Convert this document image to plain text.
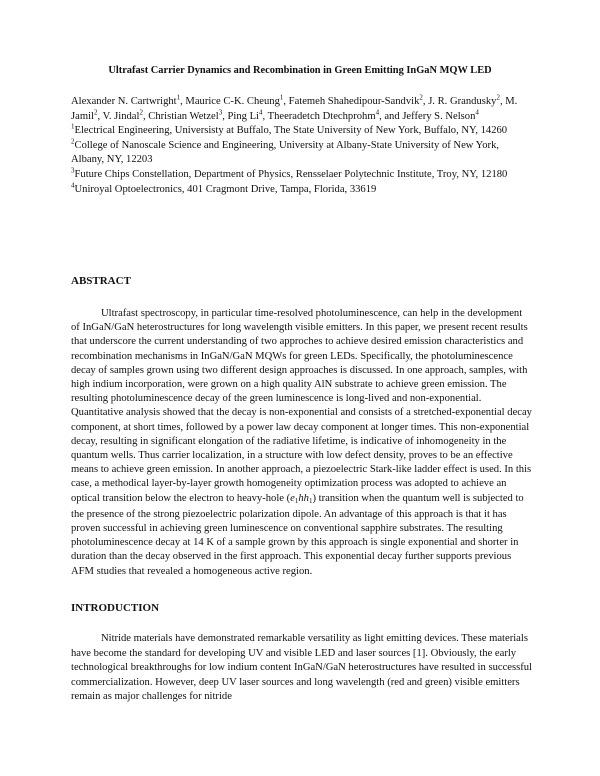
Ultrafast Carrier Dynamics and Recombination in Green Emitting InGaN MQW LED
Alexander N. Cartwright$^1$, Maurice C-K. Cheung$^1$, Fatemeh Shahedipour-Sandvik$^2$, J. R. Grandusky$^2$, M. Jamil$^2$, V. Jindal$^2$, Christian Wetzel$^3$, Ping Li$^4$, Theeradetch Dtechprohm$^4$, and Jeffery S. Nelson$^4$

$^1$Electrical Engineering, Universisty at Buffalo, The State University of New York, Buffalo, NY, 14260

$^2$College of Nanoscale Science and Engineering, University at Albany-State University of New York, Albany, NY, 12203

$^3$Future Chips Constellation, Department of Physics, Rensselaer Polytechnic Institute, Troy, NY, 12180

$^4$Uniroyal Optoelectronics, 401 Cragmont Drive, Tampa, Florida, 33619

ABSTRACT

Ultrafast spectroscopy, in particular time-resolved photoluminescence, can help in the development of InGaN/GaN heterostructures for long wavelength visible emitters. In this paper, we present recent results that underscore the current understanding of two approches to achieve desired emission characteristics and recombination mechanisms in InGaN/GaN MQWs for green LEDs. Specifically, the photoluminescence decay of samples grown using two different design approaches is discussed. In one approach, samples, with high indium incorporation, were grown on a high quality AlN substrate to achieve green emission. The resulting photoluminescence decay of the green luminescence is long-lived and non-exponential. Quantitative analysis showed that the decay is non-exponential and consists of a stretched-exponential decay component, at short times, followed by a power law decay component at longer times. This non-exponential decay, resulting in significant elongation of the radiative lifetime, is indicative of inhomogeneity in the quantum wells. Thus carrier localization, in a structure with low defect density, proves to be an effective means to achieve green emission. In another approach, a piezoelectric Stark-like ladder effect is used. In this case, a methodical layer-by-layer growth homogeneity optimization process was adopted to achieve an optical transition below the electron to heavy-hole $(e_1hh_1)$ transition when the quantum well is subjected to the presence of the strong piezoelectric polarization dipole. An advantage of this approach is that it has proven successful in achieving green luminescence on conventional sapphire substrates. The resulting photoluminescence decay at 14 K of a sample grown by this approach is single exponential and shorter in duration than the decay observed in the first approach. This exponential decay further supports previous AFM studies that revealed a homogeneous active region.

INTRODUCTION

Nitride materials have demonstrated remarkable versatility as light emitting devices. These materials have become the standard for developing UV and visible LED and laser sources [1]. Obviously, the early technological breakthroughs for low indium content InGaN/GaN heterostructures have resulted in successful commercialization. However, deep UV laser sources and long wavelength (red and green) visible emitters remain as major challenges for nitride
